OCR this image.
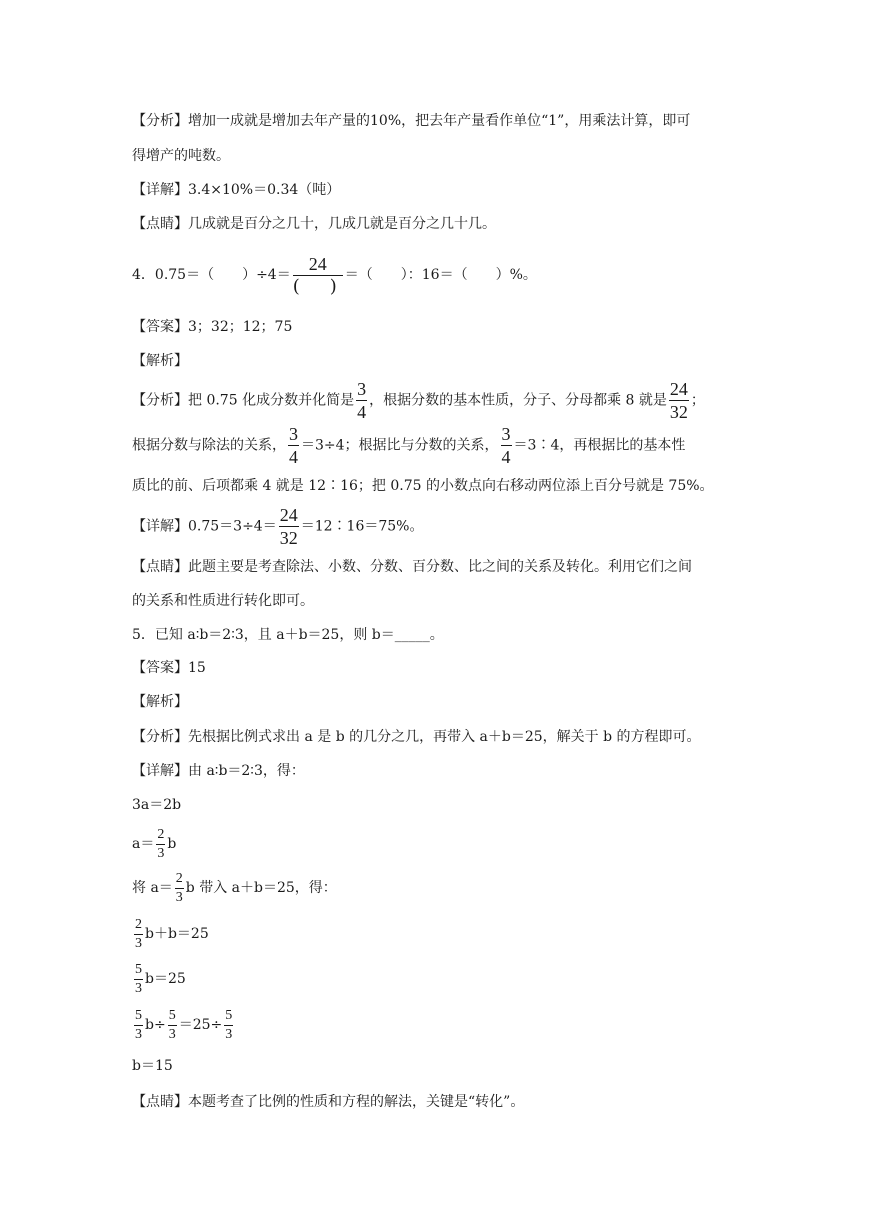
【分析】增加一成就是增加去年产量的10%，把去年产量看作单位“1”，用乘法计算，即可
得增产的吨数。
【详解】3.4×10%＝0.34（吨）
【点睛】几成就是百分之几十，几成几就是百分之几十几。
4．0.75＝（　　）$\div 4= \frac{24}{( )}$ ＝（　　）：16＝（　　）%。
【答案】3；32；12；75
【解析】
【分析】把 0.75 化成分数并化简是 $\frac{3}{4}$ ，根据分数的基本性质，分子、分母都乘 8 就是 $\frac{24}{32}$ ；
根据分数与除法的关系， $\frac{3}{4} =3\div 4$；根据比与分数的关系， $\frac{3}{4}$ ＝3∶4，再根据比的基本性
质比的前、后项都乘 4 就是 12∶16；把 0.75 的小数点向右移动两位添上百分号就是 75%。
【详解】$0.75=3\div 4= \frac{24}{32}$ ＝12∶16＝75%。
【点睛】此题主要是考查除法、小数、分数、百分数、比之间的关系及转化。利用它们之间
的关系和性质进行转化即可。
5．已知 a∶b＝2∶3，且 a＋b＝25，则 b＝_____。
【答案】15
【解析】
【分析】先根据比例式求出 a 是 b 的几分之几，再带入 a＋b＝25，解关于 b 的方程即可。
【详解】由 a∶b＝2∶3，得：
3a＝2b
$a= \frac{2}{3}$ b
将 $a= \frac{2}{3}$ b 带入 a＋b＝25，得：
$\frac{2}{3} b+b=25$
$\frac{5}{3} b=25$
$\frac{5}{3} b\div \frac{5}{3} =25\div \frac{5}{3}$
b＝15
【点睛】本题考查了比例的性质和方程的解法，关键是“转化”。
